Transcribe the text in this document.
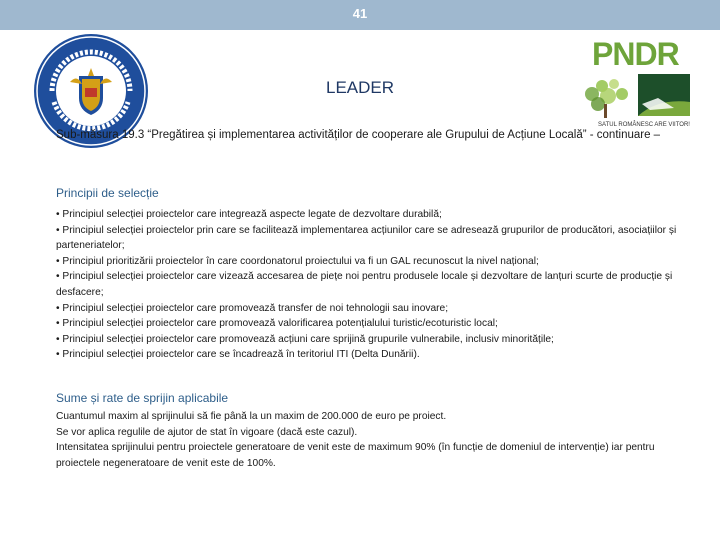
41
PNDR
SATUL ROMÂNESC ARE VIITOR!
LEADER
Sub-măsura 19.3 “Pregătirea și implementarea activităților de cooperare ale Grupului de Acțiune Locală” - continuare –
Principii de selecție
• Principiul selecției proiectelor care integrează aspecte legate de dezvoltare durabilă;
• Principiul selecției proiectelor prin care se facilitează implementarea acțiunilor care se adresează grupurilor de producători, asociațiilor și parteneriatelor;
• Principiul prioritizării proiectelor în care coordonatorul proiectului va fi un GAL recunoscut la nivel național;
• Principiul selecției proiectelor care vizează accesarea de piețe noi pentru produsele locale și dezvoltare de lanțuri scurte de producție și desfacere;
• Principiul selecției proiectelor care promovează transfer de noi tehnologii sau inovare;
• Principiul selecției proiectelor care promovează valorificarea potențialului turistic/ecoturistic local;
• Principiul selecției proiectelor care promovează acțiuni care sprijină grupurile vulnerabile, inclusiv minoritățile;
• Principiul selecției proiectelor care se încadrează în teritoriul ITI (Delta Dunării).
Sume și rate de sprijin aplicabile

Cuantumul maxim al sprijinului să fie până la un maxim de 200.000 de euro pe proiect.

Se vor aplica regulile de ajutor de stat în vigoare (dacă este cazul).

Intensitatea sprijinului pentru proiectele generatoare de venit este de maximum 90% (în funcție de domeniul de intervenție) iar pentru proiectele negeneratoare de venit este de 100%.
